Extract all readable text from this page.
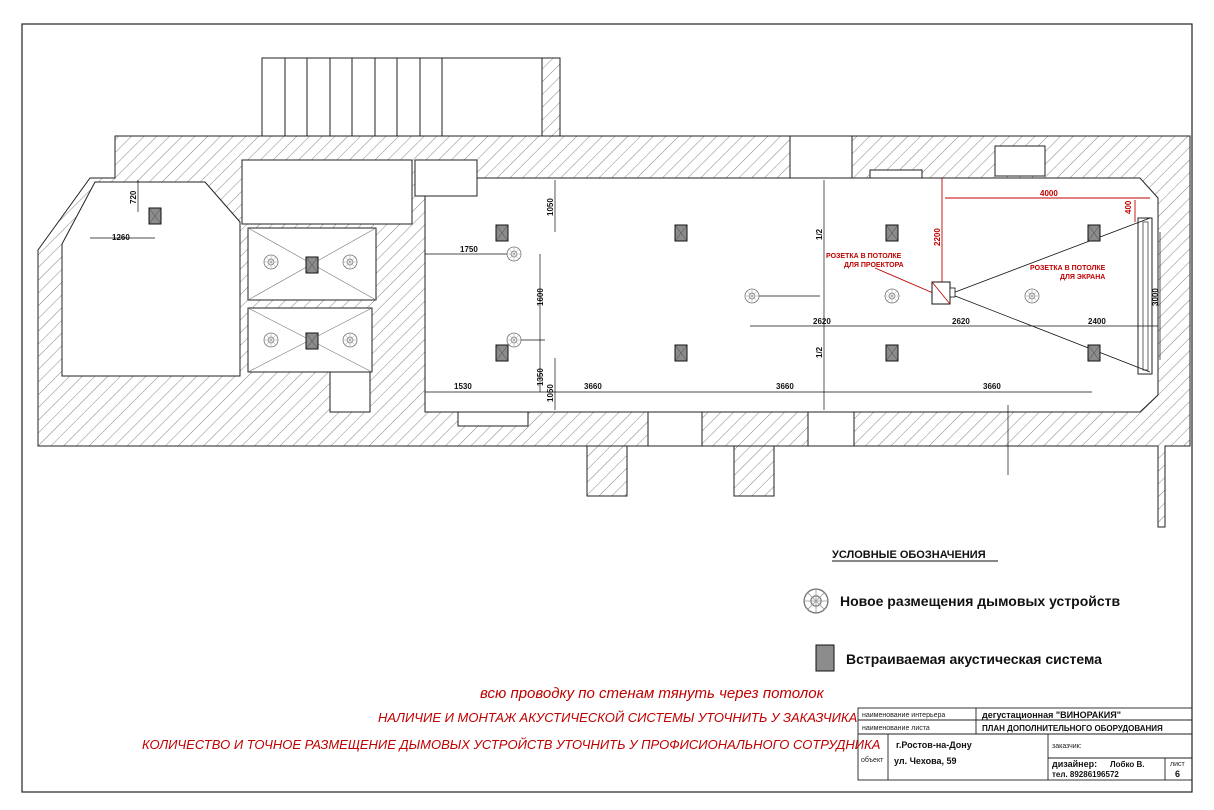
720
1260
1050
1750
1600
1350
1050
1530	3660	3660	3660
2620	2620	2400
1/2
1/2
3000
4000
2200
400
РОЗЕТКА В ПОТОЛКЕ
ДЛЯ ПРОЕКТОРА	РОЗЕТКА В ПОТОЛКЕ
ДЛЯ ЭКРАНА
УСЛОВНЫЕ ОБОЗНАЧЕНИЯ
Новое размещения дымовых устройств
Встраиваемая акустическая система
всю проводку по стенам тянуть через потолок
НАЛИЧИЕ И МОНТАЖ АКУСТИЧЕСКОЙ СИСТЕМЫ УТОЧНИТЬ У ЗАКАЗЧИКА
КОЛИЧЕСТВО И ТОЧНОЕ РАЗМЕЩЕНИЕ ДЫМОВЫХ УСТРОЙСТВ УТОЧНИТЬ У ПРОФИСИОНАЛЬНОГО СОТРУДНИКА
наименование интерьера	дегустационная "ВИНОРАКИЯ"
наименование листа	ПЛАН ДОПОЛНИТЕЛЬНОГО ОБОРУДОВАНИЯ
объект
г.Ростов-на-Дону
ул. Чехова, 59
заказчик:
дизайнер: Лобко В.
тел. 89286196572
лист
6
